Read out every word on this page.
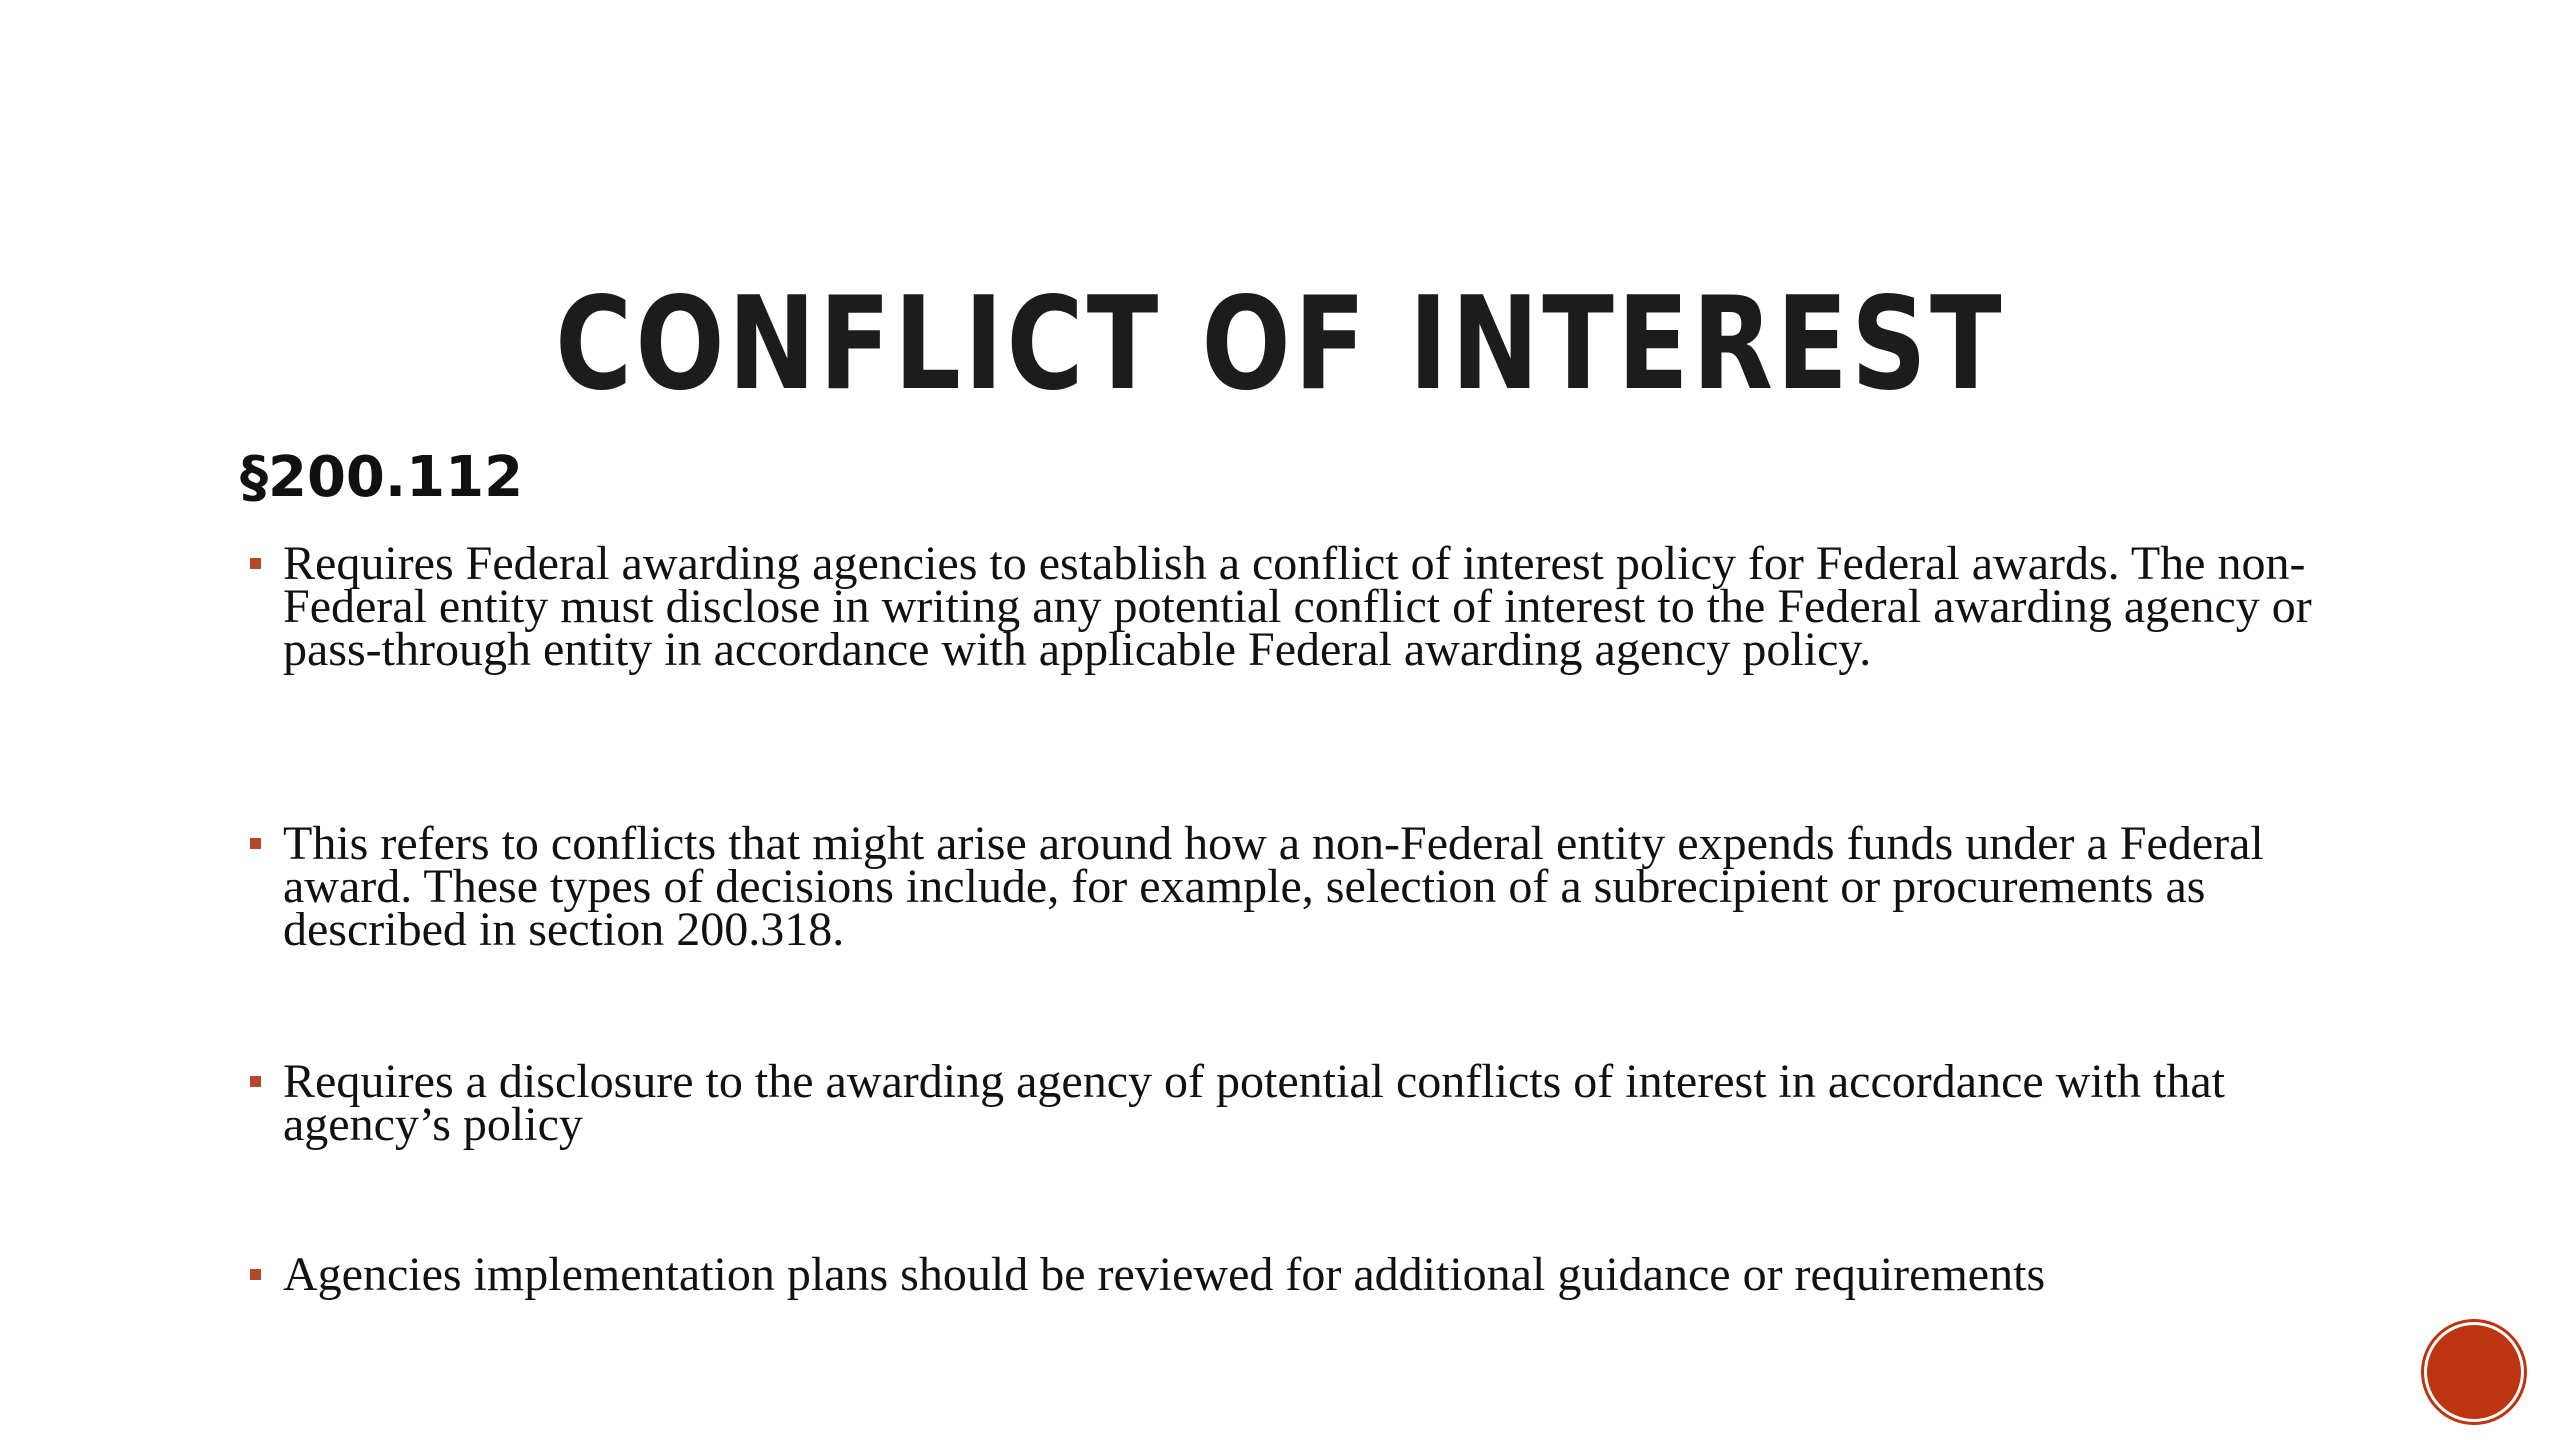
CONFLICT OF INTEREST
§200.112
Requires Federal awarding agencies to establish a conflict of interest policy for Federal awards. The non-Federal entity must disclose in writing any potential conflict of interest to the Federal awarding agency or pass-through entity in accordance with applicable Federal awarding agency policy.
This refers to conflicts that might arise around how a non-Federal entity expends funds under a Federal award. These types of decisions include, for example, selection of a subrecipient or procurements as described in section 200.318.
Requires a disclosure to the awarding agency of potential conflicts of interest in accordance with that agency’s policy
Agencies implementation plans should be reviewed for additional guidance or requirements
